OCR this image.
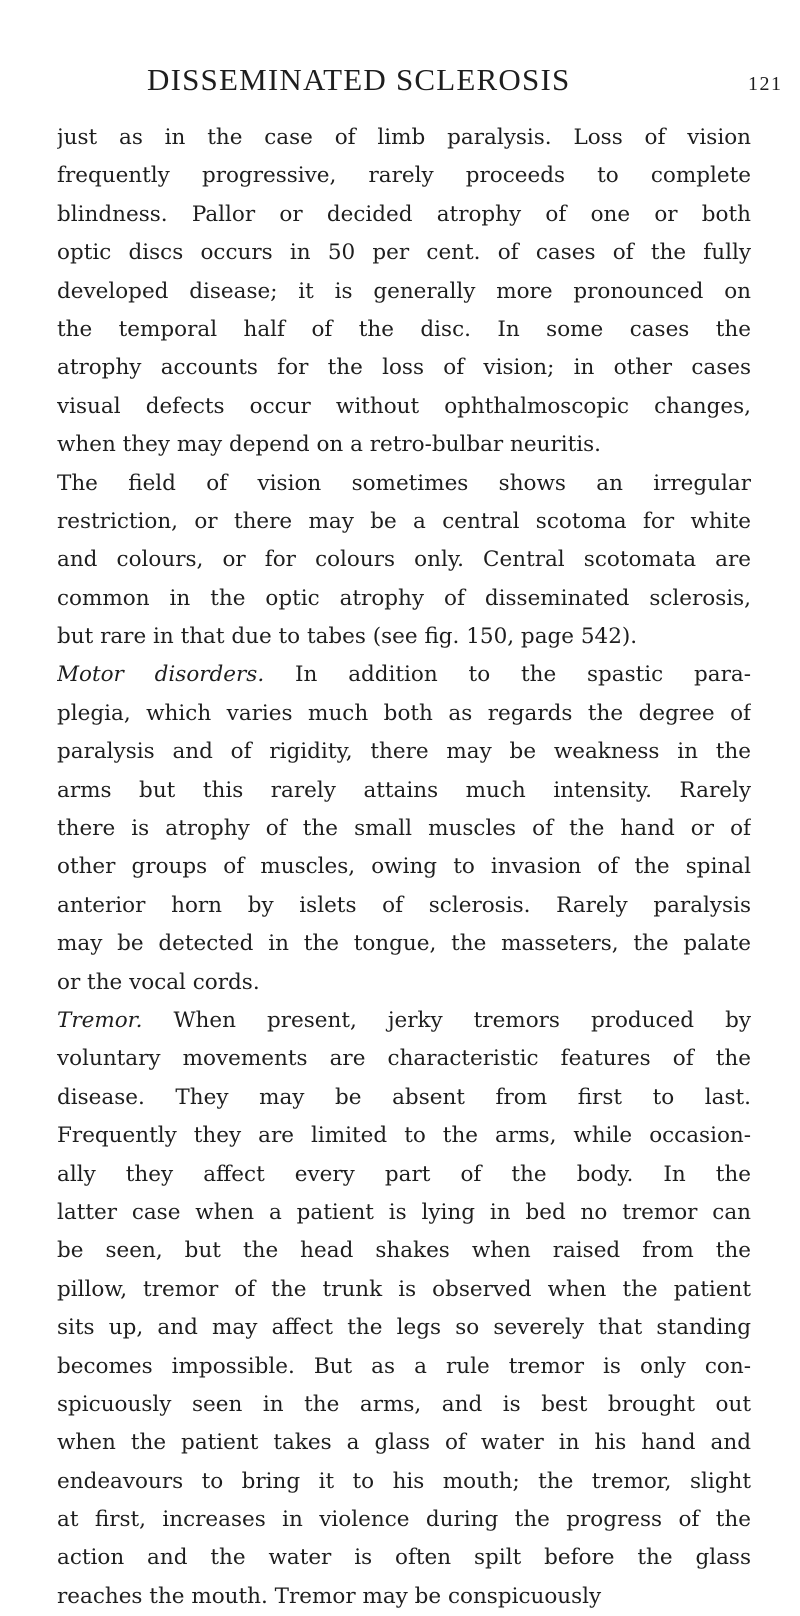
DISSEMINATED SCLEROSIS	121
just as in the case of limb paralysis. Loss of vision
frequently progressive, rarely proceeds to complete
blindness. Pallor or decided atrophy of one or both
optic discs occurs in 50 per cent. of cases of the fully
developed disease; it is generally more pronounced on
the temporal half of the disc. In some cases the
atrophy accounts for the loss of vision; in other cases
visual defects occur without ophthalmoscopic changes,
when they may depend on a retro-bulbar neuritis.
The field of vision sometimes shows an irregular
restriction, or there may be a central scotoma for white
and colours, or for colours only. Central scotomata are
common in the optic atrophy of disseminated sclerosis,
but rare in that due to tabes (see fig. 150, page 542).
Motor disorders. In addition to the spastic para-
plegia, which varies much both as regards the degree of
paralysis and of rigidity, there may be weakness in the
arms but this rarely attains much intensity. Rarely
there is atrophy of the small muscles of the hand or of
other groups of muscles, owing to invasion of the spinal
anterior horn by islets of sclerosis. Rarely paralysis
may be detected in the tongue, the masseters, the palate
or the vocal cords.
Tremor. When present, jerky tremors produced by
voluntary movements are characteristic features of the
disease. They may be absent from first to last.
Frequently they are limited to the arms, while occasion-
ally they affect every part of the body. In the
latter case when a patient is lying in bed no tremor can
be seen, but the head shakes when raised from the
pillow, tremor of the trunk is observed when the patient
sits up, and may affect the legs so severely that standing
becomes impossible. But as a rule tremor is only con-
spicuously seen in the arms, and is best brought out
when the patient takes a glass of water in his hand and
endeavours to bring it to his mouth; the tremor, slight
at first, increases in violence during the progress of the
action and the water is often spilt before the glass
reaches the mouth. Tremor may be conspicuously
